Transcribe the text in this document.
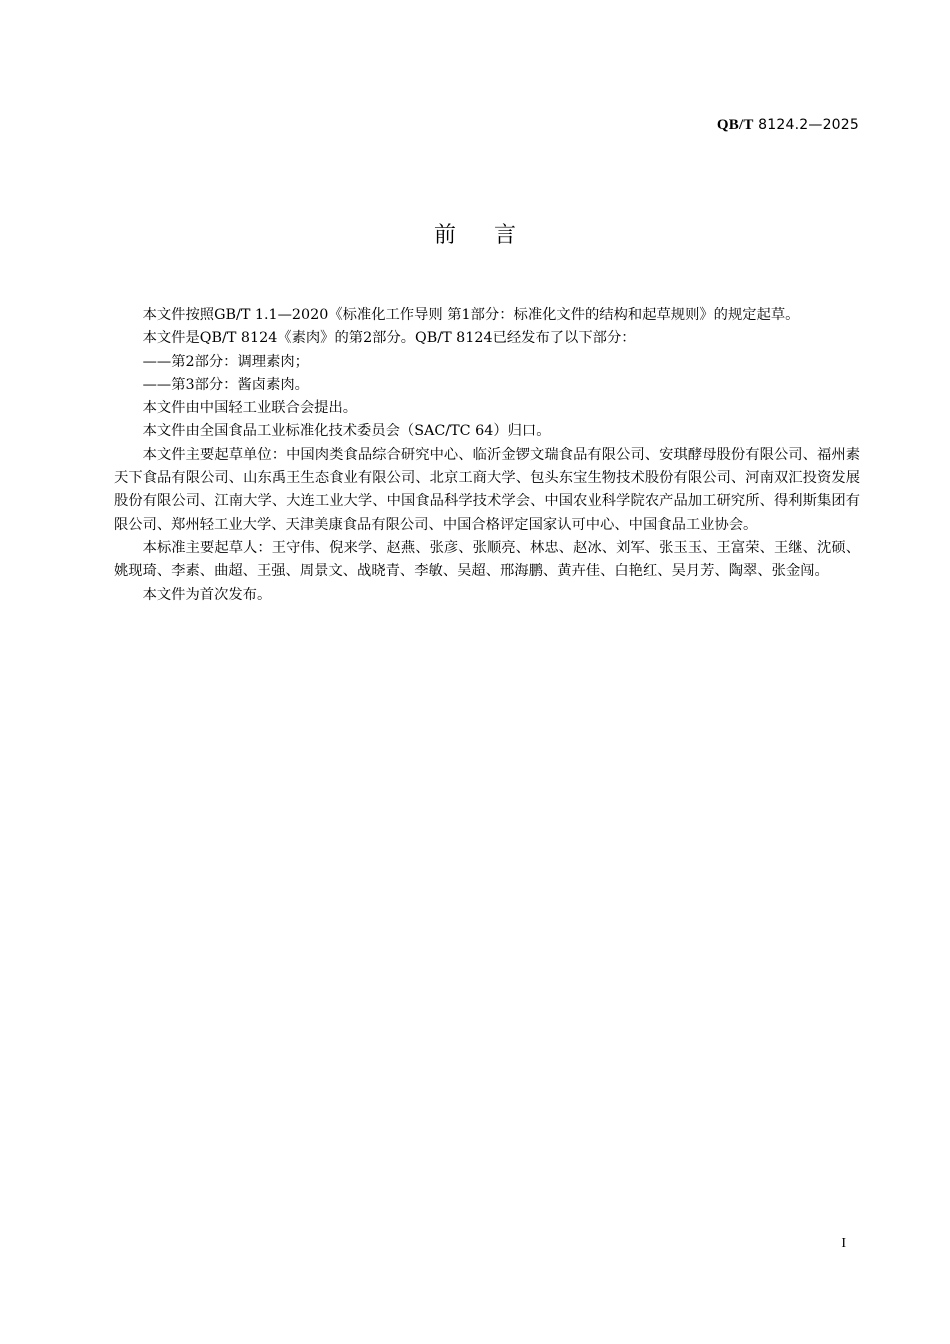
QB/T 8124.2—2025
前言

本文件按照GB/T 1.1—2020《标准化工作导则 第1部分：标准化文件的结构和起草规则》的规定起草。

本文件是QB/T 8124《素肉》的第2部分。QB/T 8124已经发布了以下部分：

——第2部分：调理素肉；

——第3部分：酱卤素肉。

本文件由中国轻工业联合会提出。

本文件由全国食品工业标准化技术委员会（SAC/TC 64）归口。

本文件主要起草单位：中国肉类食品综合研究中心、临沂金锣文瑞食品有限公司、安琪酵母股份有限公司、福州素天下食品有限公司、山东禹王生态食业有限公司、北京工商大学、包头东宝生物技术股份有限公司、河南双汇投资发展股份有限公司、江南大学、大连工业大学、中国食品科学技术学会、中国农业科学院农产品加工研究所、得利斯集团有限公司、郑州轻工业大学、天津美康食品有限公司、中国合格评定国家认可中心、中国食品工业协会。

本标准主要起草人：王守伟、倪来学、赵燕、张彦、张顺亮、林忠、赵冰、刘军、张玉玉、王富荣、王继、沈硕、姚现琦、李素、曲超、王强、周景文、战晓青、李敏、吴超、邢海鹏、黄卉佳、白艳红、吴月芳、陶翠、张金闯。

本文件为首次发布。

I
